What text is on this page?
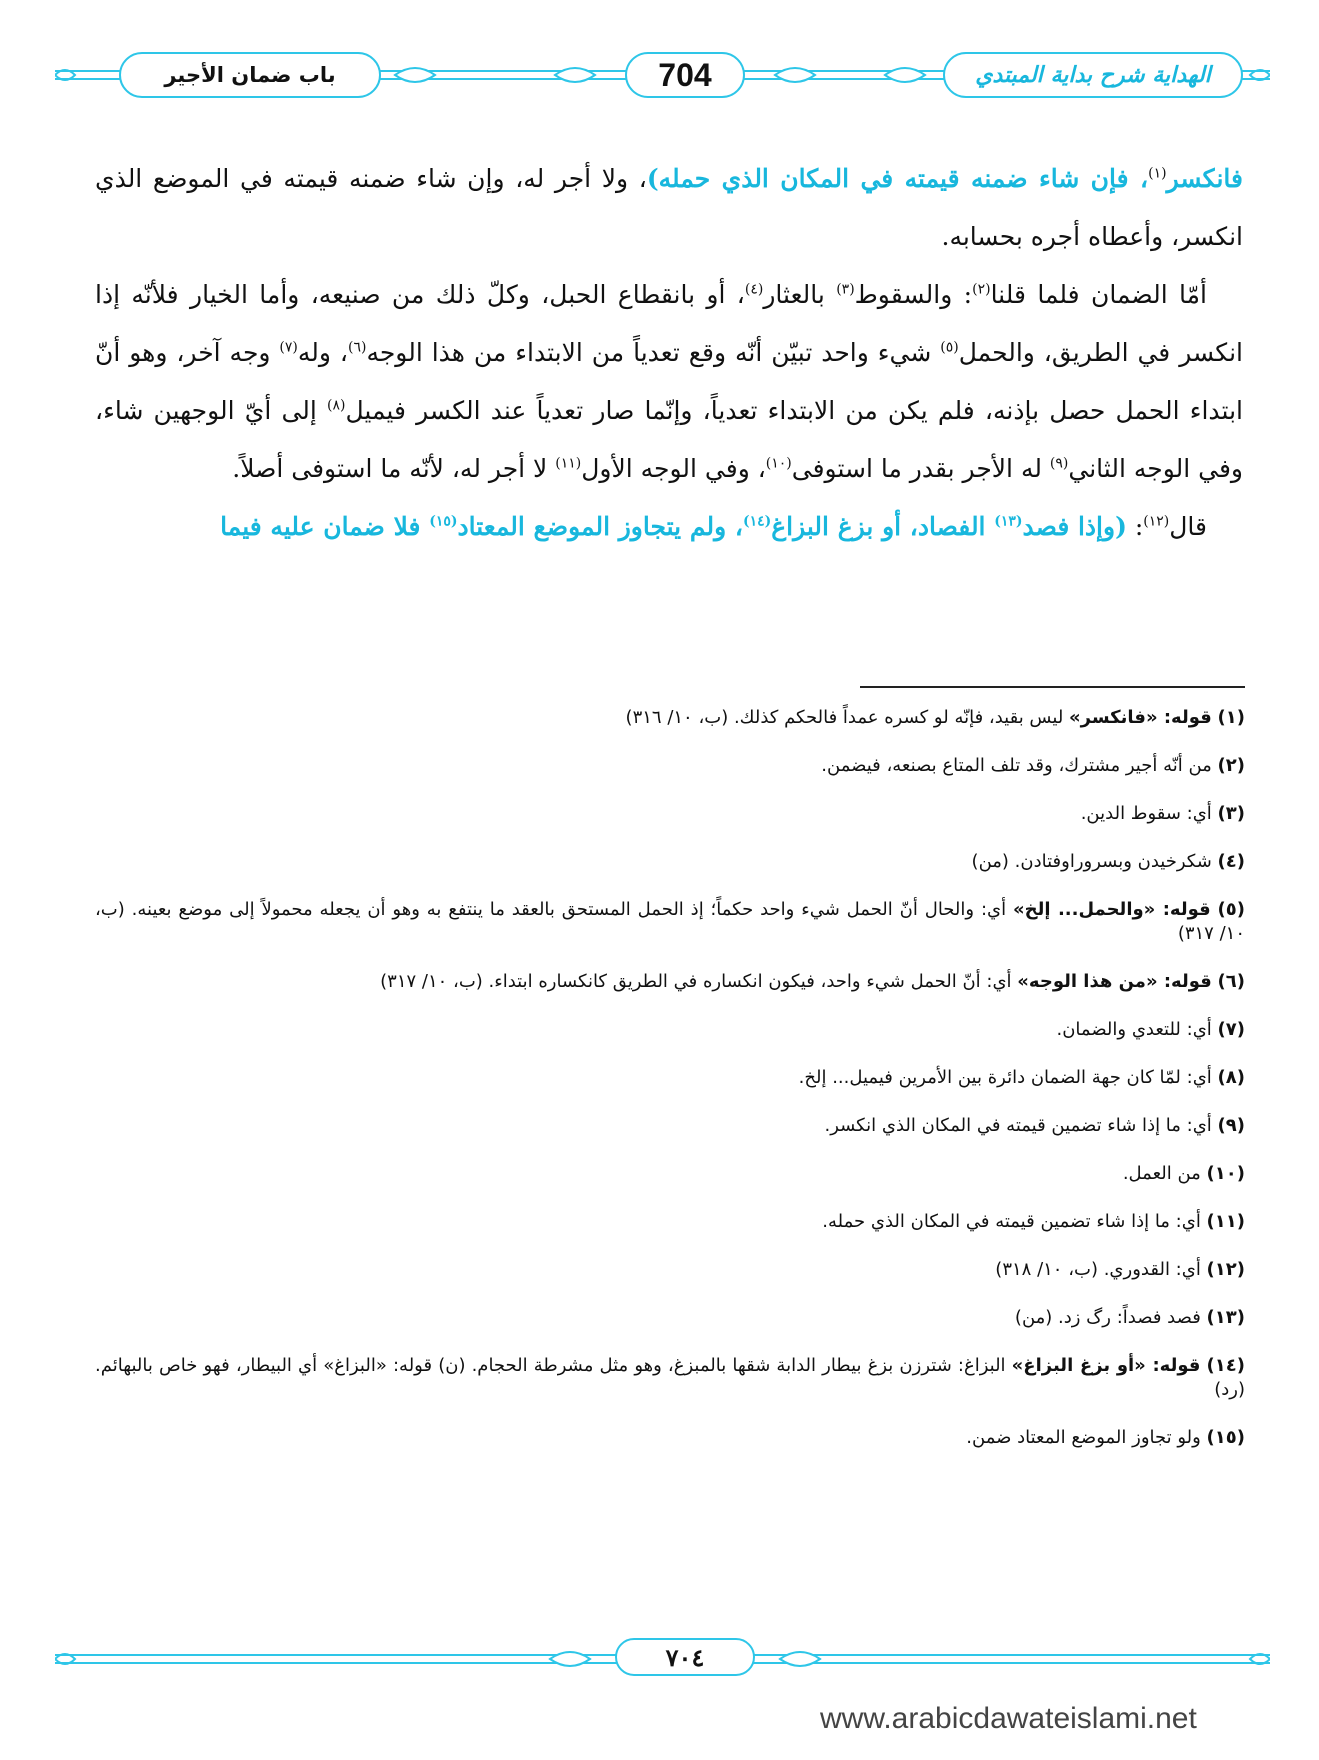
باب ضمان الأجير	704	الهداية شرح بداية المبتدي

فانكسر$^{(١)}$، فإن شاء ضمنه قيمته في المكان الذي حمله)، ولا أجر له، وإن شاء ضمنه قيمته في الموضع الذي انكسر، وأعطاه أجره بحسابه.

أمّا الضمان فلما قلنا$^{(٢)}$: والسقوط$^{(٣)}$ بالعثار$^{(٤)}$، أو بانقطاع الحبل، وكلّ ذلك من صنيعه، وأما الخيار فلأنّه إذا انكسر في الطريق، والحمل$^{(٥)}$ شيء واحد تبيّن أنّه وقع تعدياً من الابتداء من هذا الوجه$^{(٦)}$، وله$^{(٧)}$ وجه آخر، وهو أنّ ابتداء الحمل حصل بإذنه، فلم يكن من الابتداء تعدياً، وإنّما صار تعدياً عند الكسر فيميل$^{(٨)}$ إلى أيّ الوجهين شاء، وفي الوجه الثاني$^{(٩)}$ له الأجر بقدر ما استوفى$^{(١٠)}$، وفي الوجه الأول$^{(١١)}$ لا أجر له، لأنّه ما استوفى أصلاً.

قال$^{(١٢)}$: (وإذا فصد$^{(١٣)}$ الفصاد، أو بزغ البزاغ$^{(١٤)}$، ولم يتجاوز الموضع المعتاد$^{(١٥)}$ فلا ضمان عليه فيما

(١) قوله: «فانكسر» ليس بقيد، فإنّه لو كسره عمداً فالحكم كذلك. (ب، ١٠/ ٣١٦)

(٢) من أنّه أجير مشترك، وقد تلف المتاع بصنعه، فيضمن.

(٣) أي: سقوط الدين.

(٤) شكرخيدن وبسروراوفتادن. (من)

(٥) قوله: «والحمل... إلخ» أي: والحال أنّ الحمل شيء واحد حكماً؛ إذ الحمل المستحق بالعقد ما ينتفع به وهو أن يجعله محمولاً إلى موضع بعينه. (ب، ١٠/ ٣١٧)

(٦) قوله: «من هذا الوجه» أي: أنّ الحمل شيء واحد، فيكون انكساره في الطريق كانكساره ابتداء. (ب، ١٠/ ٣١٧)

(٧) أي: للتعدي والضمان.

(٨) أي: لمّا كان جهة الضمان دائرة بين الأمرين فيميل... إلخ.

(٩) أي: ما إذا شاء تضمين قيمته في المكان الذي انكسر.

(١٠) من العمل.

(١١) أي: ما إذا شاء تضمين قيمته في المكان الذي حمله.

(١٢) أي: القدوري. (ب، ١٠/ ٣١٨)

(١٣) فصد فصداً: رگ زد. (من)

(١٤) قوله: «أو بزغ البزاغ» البزاغ: شترزن بزغ بيطار الدابة شقها بالمبزغ، وهو مثل مشرطة الحجام. (ن) قوله: «البزاغ» أي البيطار، فهو خاص بالبهائم. (رد)

(١٥) ولو تجاوز الموضع المعتاد ضمن.

٧٠٤
www.arabicdawateislami.net
